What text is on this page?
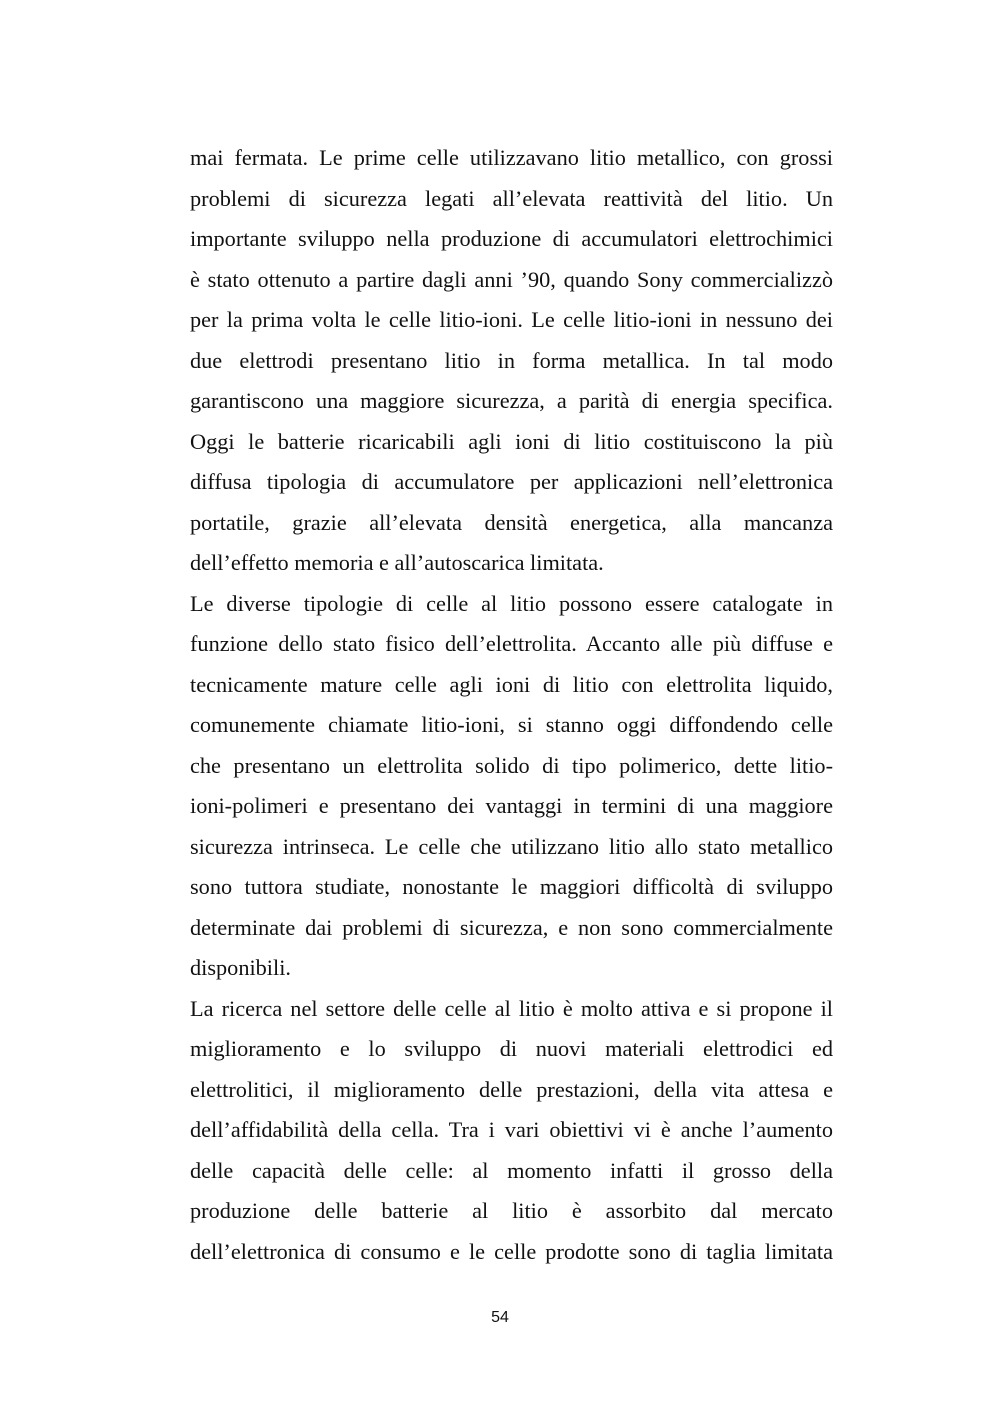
mai fermata. Le prime celle utilizzavano litio metallico, con grossi
problemi di sicurezza legati all’elevata reattività del litio. Un
importante sviluppo nella produzione di accumulatori elettrochimici
è stato ottenuto a partire dagli anni ’90, quando Sony commercializzò
per la prima volta le celle litio-ioni. Le celle litio-ioni in nessuno dei
due elettrodi presentano litio in forma metallica. In tal modo
garantiscono una maggiore sicurezza, a parità di energia specifica.
Oggi le batterie ricaricabili agli ioni di litio costituiscono la più
diffusa tipologia di accumulatore per applicazioni nell’elettronica
portatile, grazie all’elevata densità energetica, alla mancanza
dell’effetto memoria e all’autoscarica limitata.
Le diverse tipologie di celle al litio possono essere catalogate in
funzione dello stato fisico dell’elettrolita. Accanto alle più diffuse e
tecnicamente mature celle agli ioni di litio con elettrolita liquido,
comunemente chiamate litio-ioni, si stanno oggi diffondendo celle
che presentano un elettrolita solido di tipo polimerico, dette litio-
ioni-polimeri e presentano dei vantaggi in termini di una maggiore
sicurezza intrinseca. Le celle che utilizzano litio allo stato metallico
sono tuttora studiate, nonostante le maggiori difficoltà di sviluppo
determinate dai problemi di sicurezza, e non sono commercialmente
disponibili.
La ricerca nel settore delle celle al litio è molto attiva e si propone il
miglioramento e lo sviluppo di nuovi materiali elettrodici ed
elettrolitici, il miglioramento delle prestazioni, della vita attesa e
dell’affidabilità della cella. Tra i vari obiettivi vi è anche l’aumento
delle capacità delle celle: al momento infatti il grosso della
produzione delle batterie al litio è assorbito dal mercato
dell’elettronica di consumo e le celle prodotte sono di taglia limitata
54
